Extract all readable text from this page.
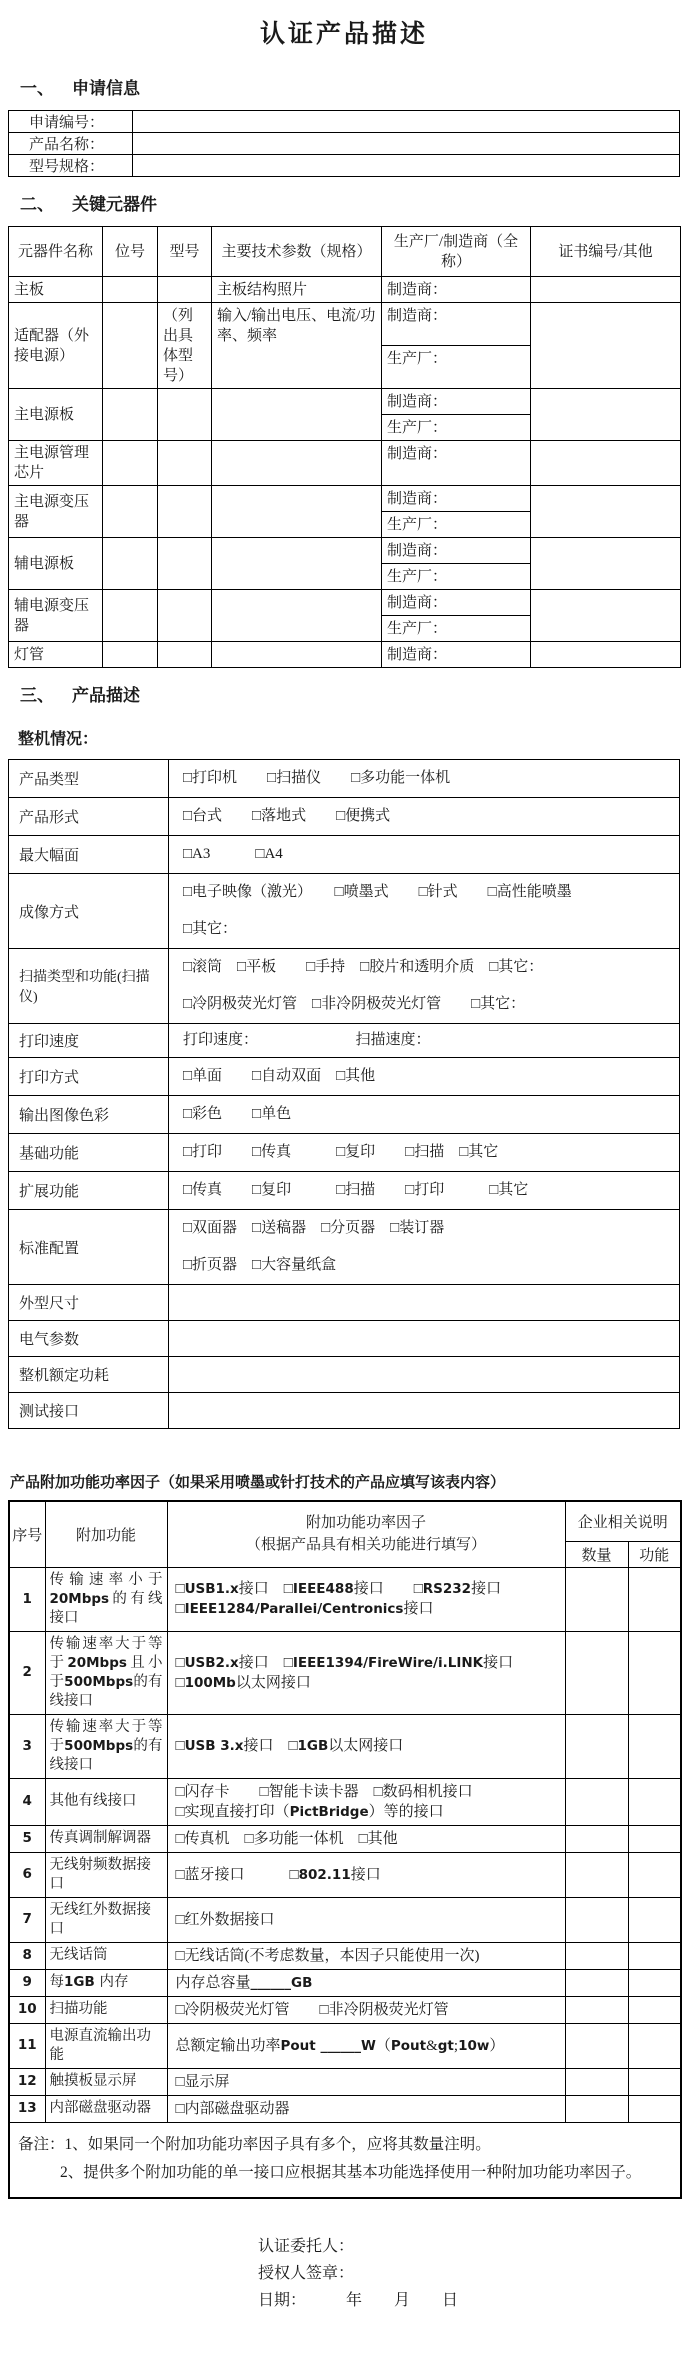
认证产品描述
一、 申请信息
申请编号：	
产品名称：	
型号规格：	
二、 关键元器件
元器件名称	位号	型号	主要技术参数（规格）	生产厂/制造商（全称）	证书编号/其他
主板			主板结构照片	制造商：	
适配器（外接电源）		（列出具体型号）	输入/输出电压、电流/功率、频率	制造商：	
				生产厂：	
主电源板				制造商：	
				生产厂：	
主电源管理芯片				制造商：	
主电源变压器				制造商：	
				生产厂：	
辅电源板				制造商：	
				生产厂：	
辅电源变压器				制造商：	
				生产厂：	
灯管				制造商：	
三、 产品描述
整机情况：
产品类型	□打印机　　□扫描仪　　□多功能一体机

产品形式	□台式　　□落地式　　□便携式

最大幅面	□A3　　　□A4

成像方式	□电子映像（激光）　　□喷墨式　　□针式　　□高性能喷墨
□其它：

扫描类型和功能(扫描仪)	□滚筒　□平板　　□手持　□胶片和透明介质　□其它：
□冷阴极荧光灯管　□非冷阴极荧光灯管　　□其它：

打印速度	打印速度：　　　　　　　扫描速度：

打印方式	□单面　　□自动双面　□其他

输出图像色彩	□彩色　　□单色

基础功能	□打印　　□传真　　　□复印　　□扫描　□其它

扩展功能	□传真　　□复印　　　□扫描　　□打印　　　□其它

标准配置	□双面器　□送稿器　□分页器　□装订器
□折页器　□大容量纸盒

外型尺寸	
电气参数	
整机额定功耗	
测试接口	
产品附加功能功率因子（如果采用喷墨或针打技术的产品应填写该表内容）
序号	附加功能	附加功能功率因子
（根据产品具有相关功能进行填写）	企业相关说明	
			数量	功能
1	传输速率小于20Mbps的有线接口	□USB1.x接口　□IEEE488接口　　□RS232接口
□IEEE1284/Parallei/Centronics接口		

2	传输速率大于等于20Mbps且小于500Mbps的有线接口	□USB2.x接口　□IEEE1394/FireWire/i.LINK接口
□100Mb以太网接口		

3	传输速率大于等于500Mbps的有线接口	□USB 3.x接口　□1GB以太网接口		

4	其他有线接口	□闪存卡　　□智能卡读卡器　□数码相机接口
□实现直接打印（PictBridge）等的接口		

5	传真调制解调器	□传真机　□多功能一体机　□其他		

6	无线射频数据接口	□蓝牙接口　　　□802.11接口		

7	无线红外数据接口	□红外数据接口		

8	无线话筒	□无线话筒(不考虑数量，本因子只能使用一次)		

9	每1GB 内存	内存总容量______GB		

10	扫描功能	□冷阴极荧光灯管　　□非冷阴极荧光灯管		

11	电源直流输出功能	总额定输出功率Pout ______W（Pout&gt;10w）		

12	触摸板显示屏	□显示屏		

13	内部磁盘驱动器	□内部磁盘驱动器		

备注：1、如果同一个附加功能功率因子具有多个，应将其数量注明。
2、提供多个附加功能的单一接口应根据其基本功能选择使用一种附加功能功率因子。				
认证委托人：
授权人签章：
日期：　　　年　　月　　日
